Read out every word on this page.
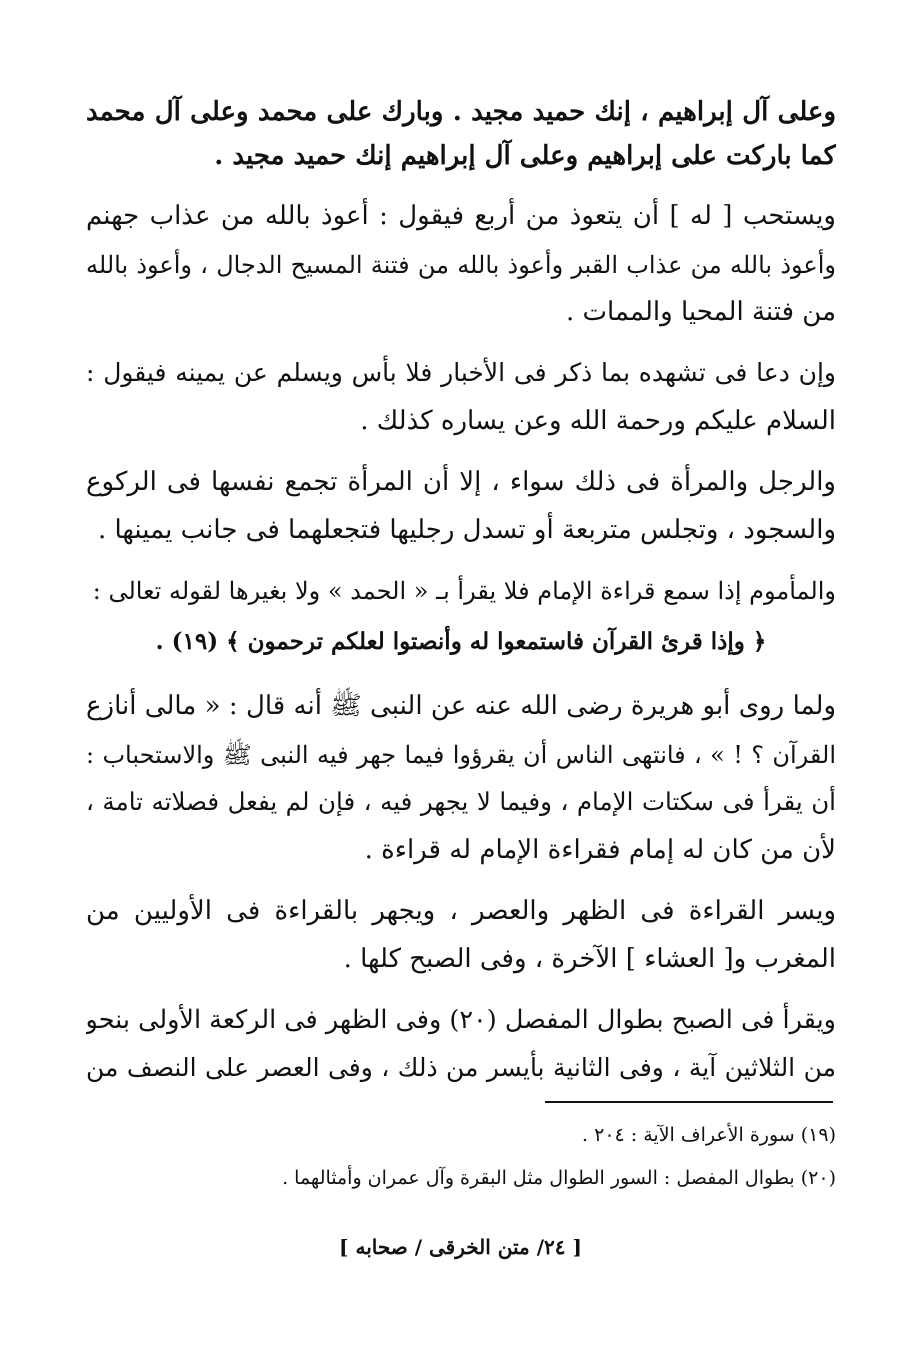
وعلى آل إبراهيم ، إنك حميد مجيد . وبارك على محمد وعلى آل محمد
كما باركت على إبراهيم وعلى آل إبراهيم إنك حميد مجيد .
ويستحب [ له ] أن يتعوذ من أربع فيقول : أعوذ بالله من عذاب جهنم
وأعوذ بالله من عذاب القبر وأعوذ بالله من فتنة المسيح الدجال ، وأعوذ بالله
من فتنة المحيا والممات .
وإن دعا فى تشهده بما ذكر فى الأخبار فلا بأس ويسلم عن يمينه فيقول :
السلام عليكم ورحمة الله وعن يساره كذلك .
والرجل والمرأة فى ذلك سواء ، إلا أن المرأة تجمع نفسها فى الركوع
والسجود ، وتجلس متربعة أو تسدل رجليها فتجعلهما فى جانب يمينها .
والمأموم إذا سمع قراءة الإمام فلا يقرأ بـ « الحمد » ولا بغيرها لقوله تعالى :
﴿ وإذا قرئ القرآن فاستمعوا له وأنصتوا لعلكم ترحمون ﴾ (١٩) .
ولما روى أبو هريرة رضى الله عنه عن النبى ﷺ أنه قال : « مالى أنازع
القرآن ؟ ! » ، فانتهى الناس أن يقرؤوا فيما جهر فيه النبى ﷺ والاستحباب :
أن يقرأ فى سكتات الإمام ، وفيما لا يجهر فيه ، فإن لم يفعل فصلاته تامة ،
لأن من كان له إمام فقراءة الإمام له قراءة .
ويسر القراءة فى الظهر والعصر ، ويجهر بالقراءة فى الأوليين من
المغرب و[ العشاء ] الآخرة ، وفى الصبح كلها .
ويقرأ فى الصبح بطوال المفصل (٢٠) وفى الظهر فى الركعة الأولى بنحو
من الثلاثين آية ، وفى الثانية بأيسر من ذلك ، وفى العصر على النصف من
(١٩) سورة الأعراف الآية : ٢٠٤ .
(٢٠) بطوال المفصل : السور الطوال مثل البقرة وآل عمران وأمثالهما .
[ ٢٤/ متن الخرقى / صحابه ]
